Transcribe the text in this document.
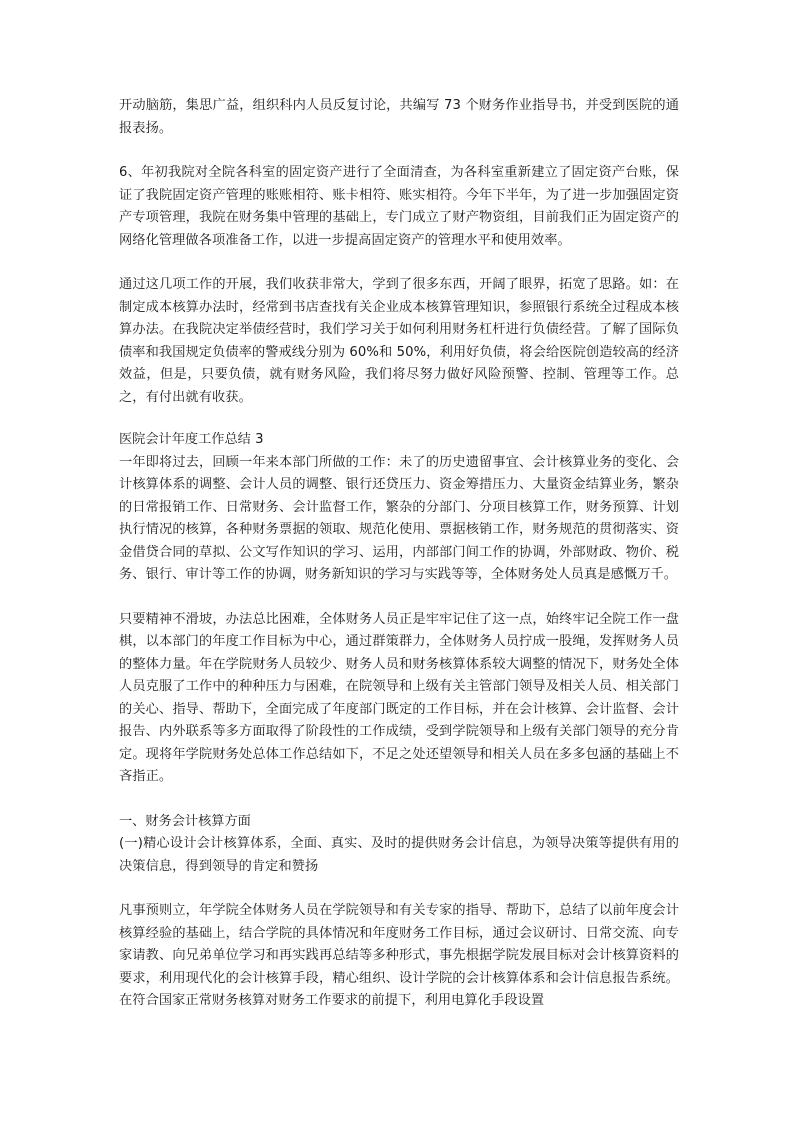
开动脑筋，集思广益，组织科内人员反复讨论，共编写 73 个财务作业指导书，并受到医院的通报表扬。

6、年初我院对全院各科室的固定资产进行了全面清查，为各科室重新建立了固定资产台账，保证了我院固定资产管理的账账相符、账卡相符、账实相符。今年下半年，为了进一步加强固定资产专项管理，我院在财务集中管理的基础上，专门成立了财产物资组，目前我们正为固定资产的网络化管理做各项准备工作，以进一步提高固定资产的管理水平和使用效率。

通过这几项工作的开展，我们收获非常大，学到了很多东西，开阔了眼界，拓宽了思路。如：在制定成本核算办法时，经常到书店查找有关企业成本核算管理知识，参照银行系统全过程成本核算办法。在我院决定举债经营时，我们学习关于如何利用财务杠杆进行负债经营。了解了国际负债率和我国规定负债率的警戒线分别为 60%和 50%，利用好负债，将会给医院创造较高的经济效益，但是，只要负债，就有财务风险，我们将尽努力做好风险预警、控制、管理等工作。总之，有付出就有收获。

医院会计年度工作总结 3

一年即将过去，回顾一年来本部门所做的工作：未了的历史遗留事宜、会计核算业务的变化、会计核算体系的调整、会计人员的调整、银行还贷压力、资金筹措压力、大量资金结算业务，繁杂的日常报销工作、日常财务、会计监督工作，繁杂的分部门、分项目核算工作，财务预算、计划执行情况的核算，各种财务票据的领取、规范化使用、票据核销工作，财务规范的贯彻落实、资金借贷合同的草拟、公文写作知识的学习、运用，内部部门间工作的协调，外部财政、物价、税务、银行、审计等工作的协调，财务新知识的学习与实践等等，全体财务处人员真是感慨万千。

只要精神不滑坡，办法总比困难，全体财务人员正是牢牢记住了这一点，始终牢记全院工作一盘棋，以本部门的年度工作目标为中心，通过群策群力，全体财务人员拧成一股绳，发挥财务人员的整体力量。年在学院财务人员较少、财务人员和财务核算体系较大调整的情况下，财务处全体人员克服了工作中的种种压力与困难，在院领导和上级有关主管部门领导及相关人员、相关部门的关心、指导、帮助下，全面完成了年度部门既定的工作目标，并在会计核算、会计监督、会计报告、内外联系等多方面取得了阶段性的工作成绩，受到学院领导和上级有关部门领导的充分肯定。现将年学院财务处总体工作总结如下，不足之处还望领导和相关人员在多多包涵的基础上不吝指正。

一、财务会计核算方面

(一)精心设计会计核算体系，全面、真实、及时的提供财务会计信息，为领导决策等提供有用的决策信息，得到领导的肯定和赞扬

凡事预则立，年学院全体财务人员在学院领导和有关专家的指导、帮助下，总结了以前年度会计核算经验的基础上，结合学院的具体情况和年度财务工作目标，通过会议研讨、日常交流、向专家请教、向兄弟单位学习和再实践再总结等多种形式，事先根据学院发展目标对会计核算资料的要求，利用现代化的会计核算手段，精心组织、设计学院的会计核算体系和会计信息报告系统。在符合国家正常财务核算对财务工作要求的前提下，利用电算化手段设置
